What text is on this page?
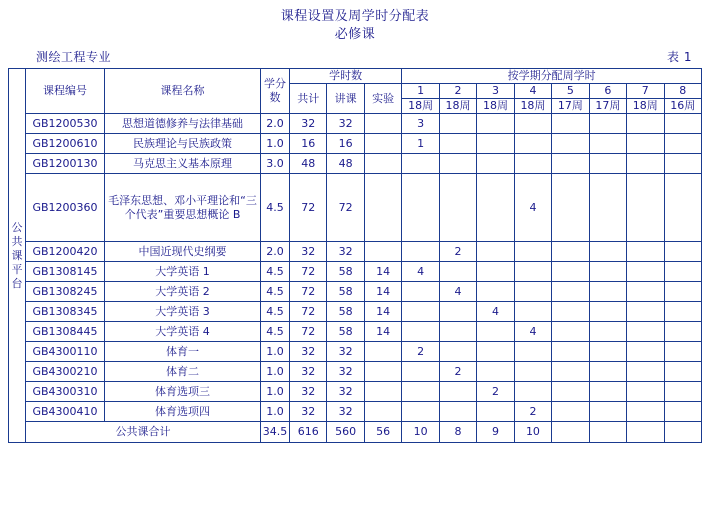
课程设置及周学时分配表
必修课
测绘工程专业	表 1
公共课平台	课程编号	课程名称	学分数	学时数			按学期分配周学时							
				共计	讲课	实验	1	2	3	4	5	6	7	8
							18周	18周	18周	18周	17周	17周	18周	16周
	GB1200530	思想道德修养与法律基础	2.0	32	32		3							
	GB1200610	民族理论与民族政策	1.0	16	16		1							
	GB1200130	马克思主义基本原理	3.0	48	48									
	GB1200360	毛泽东思想、邓小平理论和“三个代表”重要思想概论 B	4.5	72	72					4				
	GB1200420	中国近现代史纲要	2.0	32	32			2						
	GB1308145	大学英语 1	4.5	72	58	14	4							
	GB1308245	大学英语 2	4.5	72	58	14		4						
	GB1308345	大学英语 3	4.5	72	58	14			4					
	GB1308445	大学英语 4	4.5	72	58	14				4				
	GB4300110	体育一	1.0	32	32		2							
	GB4300210	体育二	1.0	32	32			2						
	GB4300310	体育选项三	1.0	32	32				2					
	GB4300410	体育选项四	1.0	32	32					2				
	公共课合计		34.5	616	560	56	10	8	9	10				
